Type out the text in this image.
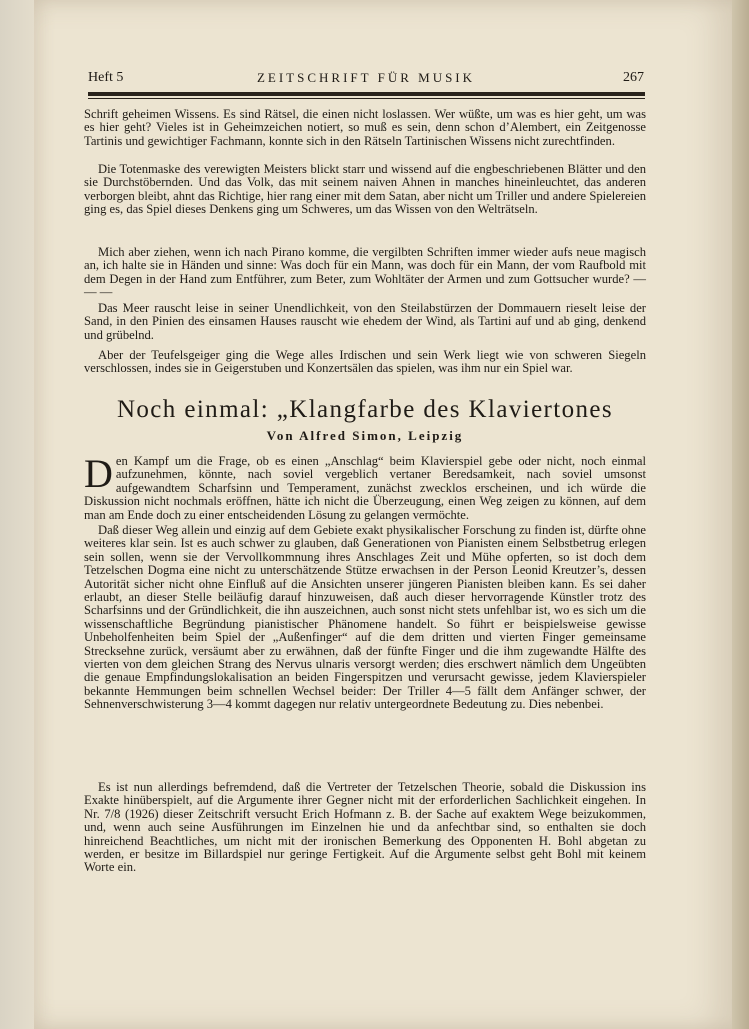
Heft 5	ZEITSCHRIFT FÜR MUSIK	267
Schrift geheimen Wissens. Es sind Rätsel, die einen nicht loslassen. Wer wüßte, um was es hier geht, um was es hier geht? Vieles ist in Geheimzeichen notiert, so muß es sein, denn schon d’Alembert, ein Zeitgenosse Tartinis und gewichtiger Fachmann, konnte sich in den Rätseln Tartinischen Wissens nicht zurechtfinden.
Die Totenmaske des verewigten Meisters blickt starr und wissend auf die engbeschriebenen Blätter und den sie Durchstöbernden. Und das Volk, das mit seinem naiven Ahnen in manches hineinleuchtet, das anderen verborgen bleibt, ahnt das Richtige, hier rang einer mit dem Satan, aber nicht um Triller und andere Spielereien ging es, das Spiel dieses Denkens ging um Schweres, um das Wissen von den Welträtseln.
Mich aber ziehen, wenn ich nach Pirano komme, die vergilbten Schriften immer wieder aufs neue magisch an, ich halte sie in Händen und sinne: Was doch für ein Mann, was doch für ein Mann, der vom Raufbold mit dem Degen in der Hand zum Entführer, zum Beter, zum Wohltäter der Armen und zum Gottsucher wurde? — — —
Das Meer rauscht leise in seiner Unendlichkeit, von den Steilabstürzen der Dommauern rieselt leise der Sand, in den Pinien des einsamen Hauses rauscht wie ehedem der Wind, als Tartini auf und ab ging, denkend und grübelnd.
Aber der Teufelsgeiger ging die Wege alles Irdischen und sein Werk liegt wie von schweren Siegeln verschlossen, indes sie in Geigerstuben und Konzertsälen das spielen, was ihm nur ein Spiel war.
Noch einmal: „Klangfarbe des Klaviertones
Von Alfred Simon, Leipzig
D en Kampf um die Frage, ob es einen „Anschlag“ beim Klavierspiel gebe oder nicht, noch einmal aufzunehmen, könnte, nach soviel vergeblich vertaner Beredsamkeit, nach soviel umsonst aufgewandtem Scharfsinn und Temperament, zunächst zwecklos erscheinen, und ich würde die Diskussion nicht nochmals eröffnen, hätte ich nicht die Überzeugung, einen Weg zeigen zu können, auf dem man am Ende doch zu einer entscheidenden Lösung zu gelangen vermöchte.
Daß dieser Weg allein und einzig auf dem Gebiete exakt physikalischer Forschung zu finden ist, dürfte ohne weiteres klar sein. Ist es auch schwer zu glauben, daß Generationen von Pianisten einem Selbstbetrug erlegen sein sollen, wenn sie der Vervollkommnung ihres Anschlages Zeit und Mühe opferten, so ist doch dem Tetzelschen Dogma eine nicht zu unterschätzende Stütze erwachsen in der Person Leonid Kreutzer’s, dessen Autorität sicher nicht ohne Einfluß auf die Ansichten unserer jüngeren Pianisten bleiben kann. Es sei daher erlaubt, an dieser Stelle beiläufig darauf hinzuweisen, daß auch dieser hervorragende Künstler trotz des Scharfsinns und der Gründlichkeit, die ihn auszeichnen, auch sonst nicht stets unfehlbar ist, wo es sich um die wissenschaftliche Begründung pianistischer Phänomene handelt. So führt er beispielsweise gewisse Unbeholfenheiten beim Spiel der „Außenfinger“ auf die dem dritten und vierten Finger gemeinsame Strecksehne zurück, versäumt aber zu erwähnen, daß der fünfte Finger und die ihm zugewandte Hälfte des vierten von dem gleichen Strang des Nervus ulnaris versorgt werden; dies erschwert nämlich dem Ungeübten die genaue Empfindungslokalisation an beiden Fingerspitzen und verursacht gewisse, jedem Klavierspieler bekannte Hemmungen beim schnellen Wechsel beider: Der Triller 4—5 fällt dem Anfänger schwer, der Sehnenverschwisterung 3—4 kommt dagegen nur relativ untergeordnete Bedeutung zu. Dies nebenbei.
Es ist nun allerdings befremdend, daß die Vertreter der Tetzelschen Theorie, sobald die Diskussion ins Exakte hinüberspielt, auf die Argumente ihrer Gegner nicht mit der erforderlichen Sachlichkeit eingehen. In Nr. 7/8 (1926) dieser Zeitschrift versucht Erich Hofmann z. B. der Sache auf exaktem Wege beizukommen, und, wenn auch seine Ausführungen im Einzelnen hie und da anfechtbar sind, so enthalten sie doch hinreichend Beachtliches, um nicht mit der ironischen Bemerkung des Opponenten H. Bohl abgetan zu werden, er besitze im Billardspiel nur geringe Fertigkeit. Auf die Argumente selbst geht Bohl mit keinem Worte ein.
